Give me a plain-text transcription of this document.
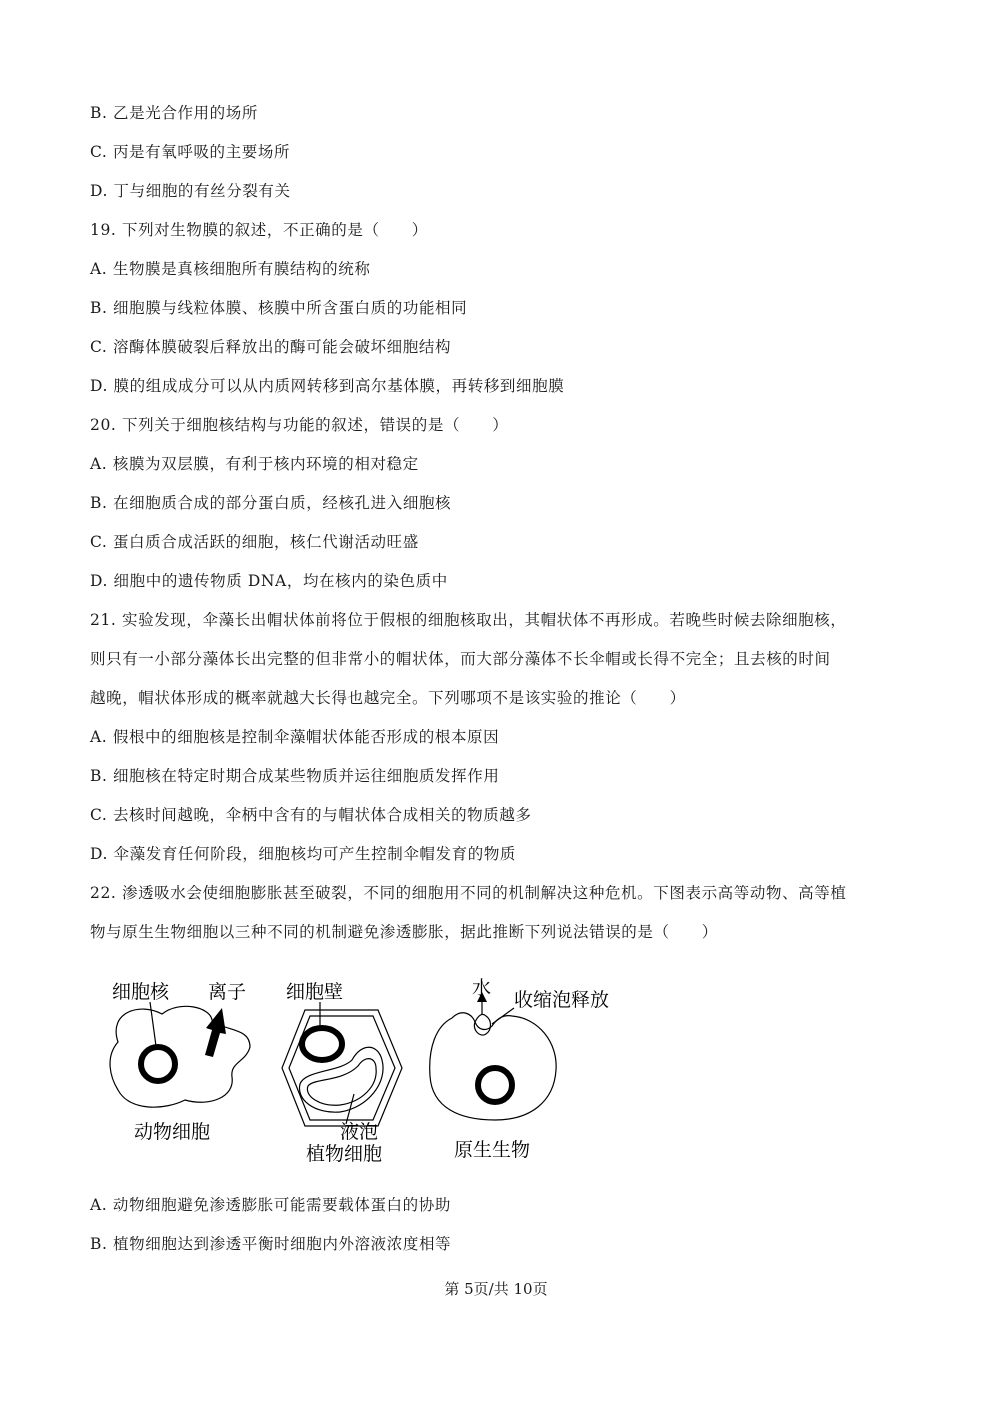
B. 乙是光合作用的场所

C. 丙是有氧呼吸的主要场所

D. 丁与细胞的有丝分裂有关

19. 下列对生物膜的叙述，不正确的是（　　）

A. 生物膜是真核细胞所有膜结构的统称

B. 细胞膜与线粒体膜、核膜中所含蛋白质的功能相同

C. 溶酶体膜破裂后释放出的酶可能会破坏细胞结构

D. 膜的组成成分可以从内质网转移到高尔基体膜，再转移到细胞膜

20. 下列关于细胞核结构与功能的叙述，错误的是（　　）

A. 核膜为双层膜，有利于核内环境的相对稳定

B. 在细胞质合成的部分蛋白质，经核孔进入细胞核

C. 蛋白质合成活跃的细胞，核仁代谢活动旺盛

D. 细胞中的遗传物质 DNA，均在核内的染色质中

21. 实验发现，伞藻长出帽状体前将位于假根的细胞核取出，其帽状体不再形成。若晚些时候去除细胞核，

则只有一小部分藻体长出完整的但非常小的帽状体，而大部分藻体不长伞帽或长得不完全；且去核的时间

越晚，帽状体形成的概率就越大长得也越完全。下列哪项不是该实验的推论（　　）

A. 假根中的细胞核是控制伞藻帽状体能否形成的根本原因

B. 细胞核在特定时期合成某些物质并运往细胞质发挥作用

C. 去核时间越晚，伞柄中含有的与帽状体合成相关的物质越多

D. 伞藻发育任何阶段，细胞核均可产生控制伞帽发育的物质

22. 渗透吸水会使细胞膨胀甚至破裂，不同的细胞用不同的机制解决这种危机。下图表示高等动物、高等植

物与原生生物细胞以三种不同的机制避免渗透膨胀，据此推断下列说法错误的是（　　）

细胞核 离子 细胞壁	水
收缩泡释放
动物细胞	液泡
植物细胞	原生生物

A. 动物细胞避免渗透膨胀可能需要载体蛋白的协助

B. 植物细胞达到渗透平衡时细胞内外溶液浓度相等

第 5页/共 10页
